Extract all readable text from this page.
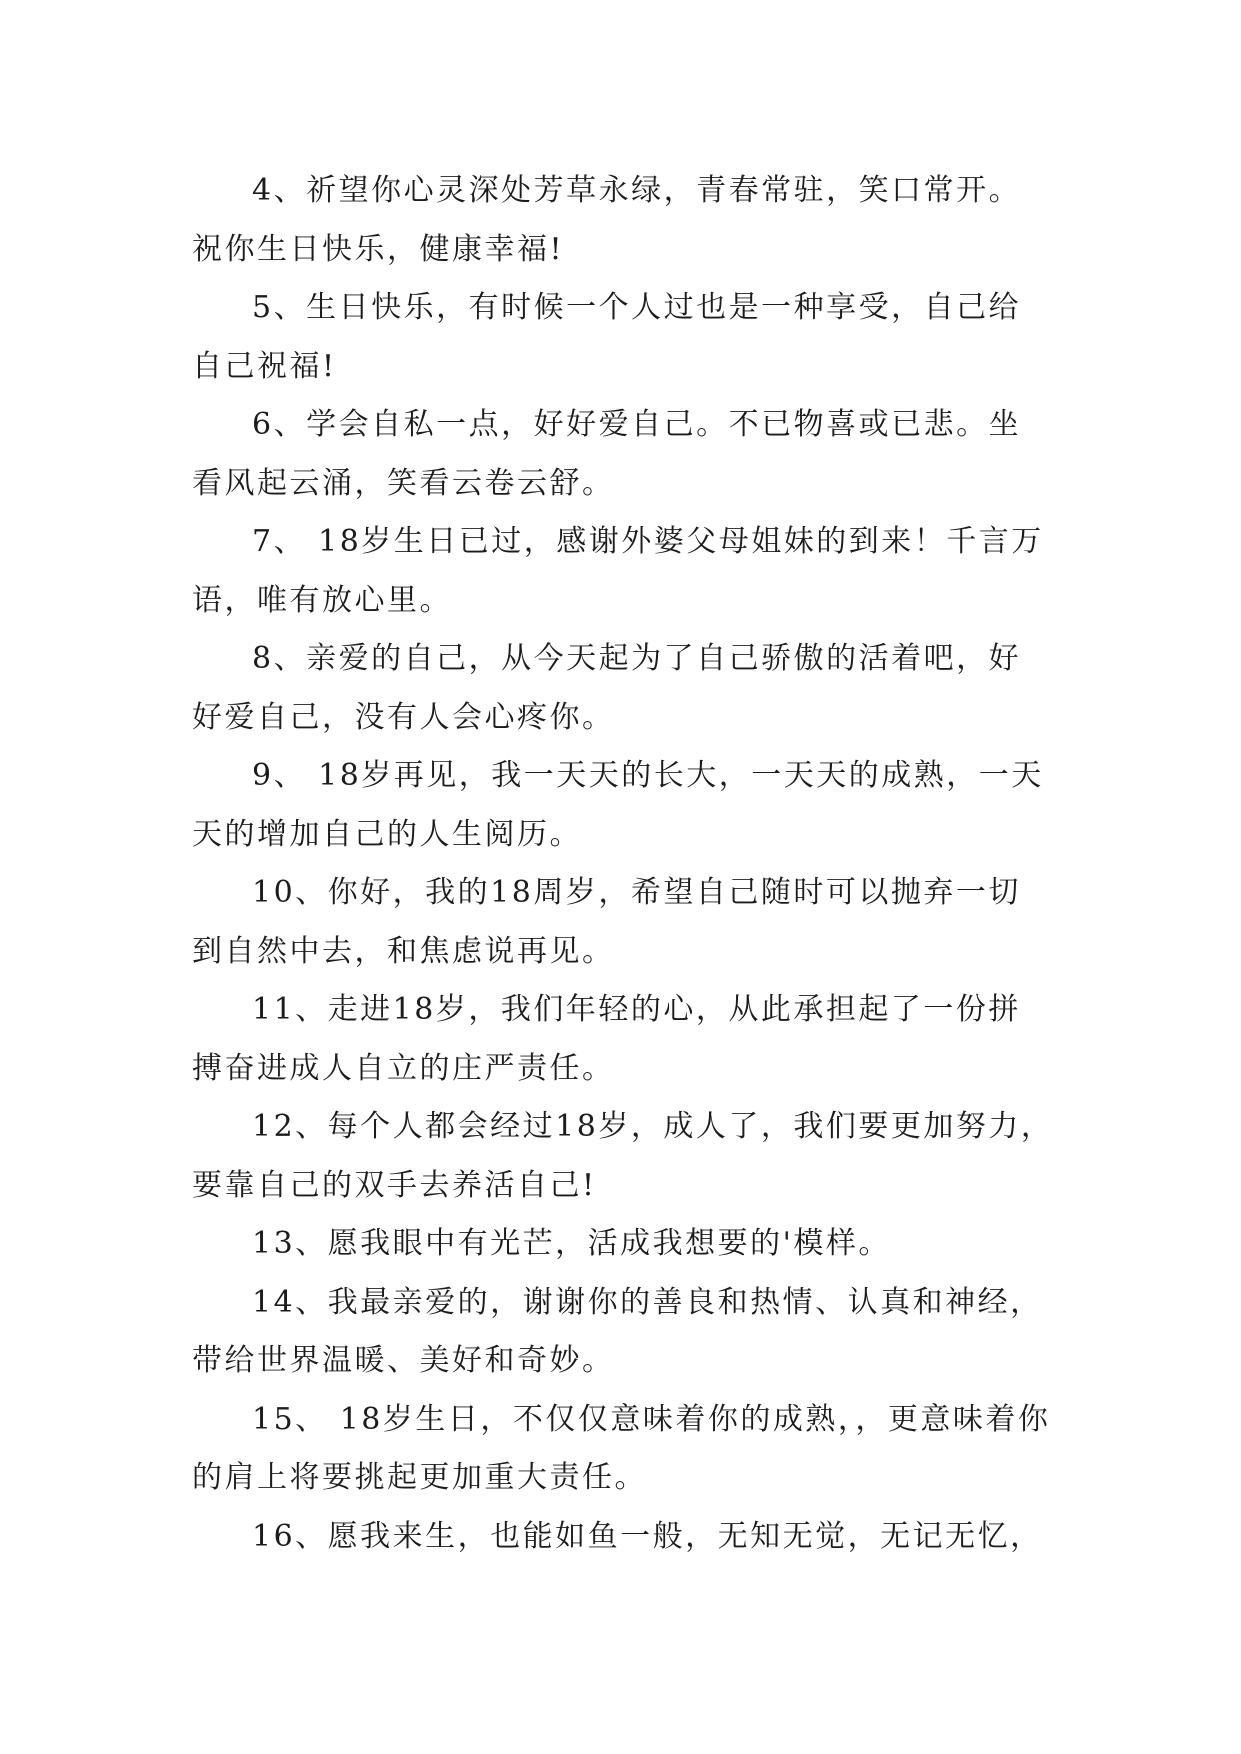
4、祈望你心灵深处芳草永绿，青春常驻，笑口常开。
祝你生日快乐，健康幸福!

5、生日快乐，有时候一个人过也是一种享受，自己给
自己祝福!

6、学会自私一点，好好爱自己。不已物喜或已悲。坐
看风起云涌，笑看云卷云舒。

7、 18岁生日已过，感谢外婆父母姐妹的到来！千言万
语，唯有放心里。

8、亲爱的自己，从今天起为了自己骄傲的活着吧，好
好爱自己，没有人会心疼你。

9、 18岁再见，我一天天的长大，一天天的成熟，一天
天的增加自己的人生阅历。

10、你好，我的18周岁，希望自己随时可以抛弃一切
到自然中去，和焦虑说再见。

11、走进18岁，我们年轻的心，从此承担起了一份拼
搏奋进成人自立的庄严责任。

12、每个人都会经过18岁，成人了，我们要更加努力，
要靠自己的双手去养活自己!

13、愿我眼中有光芒，活成我想要的'模样。

14、我最亲爱的，谢谢你的善良和热情、认真和神经，
带给世界温暖、美好和奇妙。

15、 18岁生日，不仅仅意味着你的成熟，，更意味着你
的肩上将要挑起更加重大责任。

16、愿我来生，也能如鱼一般，无知无觉，无记无忆，
